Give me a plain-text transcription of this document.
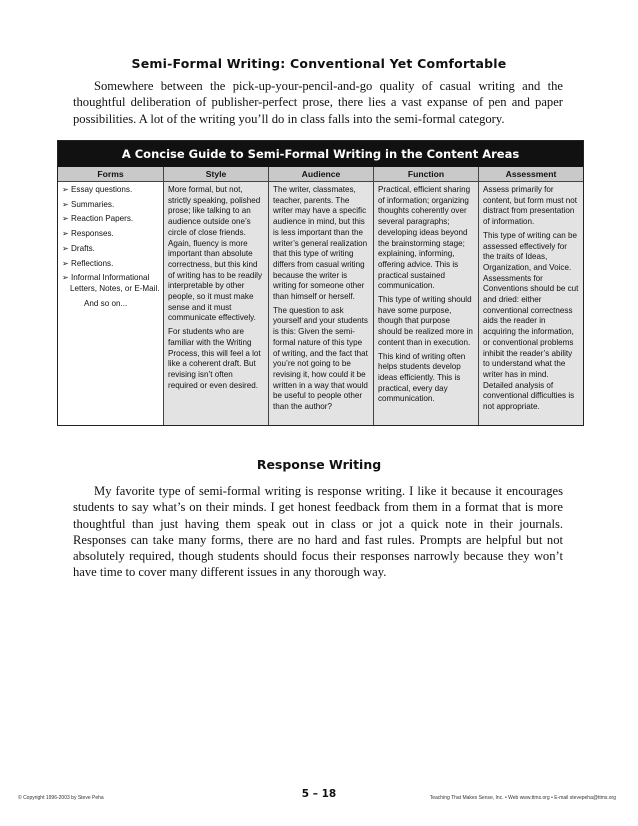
Semi-Formal Writing: Conventional Yet Comfortable

Somewhere between the pick-up-your-pencil-and-go quality of casual writing and the thoughtful deliberation of publisher-perfect prose, there lies a vast expanse of pen and paper possibilities. A lot of the writing you’ll do in class falls into the semi-formal category.

A Concise Guide to Semi-Formal Writing in the Content Areas
Forms
➢ Essay questions.
➢ Summaries.
➢ Reaction Papers.
➢ Responses.
➢ Drafts.
➢ Reflections.
➢ Informal Informational Letters, Notes, or E-Mail.
And so on...
Style

More formal, but not, strictly speaking, polished prose; like talking to an audience outside one’s circle of close friends. Again, fluency is more important than absolute correctness, but this kind of writing has to be readily interpretable by other people, so it must make sense and it must communicate effectively.

For students who are familiar with the Writing Process, this will feel a lot like a coherent draft. But revising isn’t often required or even desired.

Audience

The writer, classmates, teacher, parents. The writer may have a specific audience in mind, but this is less important than the writer’s general realization that this type of writing differs from casual writing because the writer is writing for someone other than himself or herself.

The question to ask yourself and your students is this: Given the semi-formal nature of this type of writing, and the fact that you’re not going to be revising it, how could it be written in a way that would be useful to people other than the author?

Function

Practical, efficient sharing of information; organizing thoughts coherently over several paragraphs; developing ideas beyond the brainstorming stage; explaining, informing, offering advice. This is practical sustained communication.

This type of writing should have some purpose, though that purpose should be realized more in content than in execution.

This kind of writing often helps students develop ideas efficiently. This is practical, every day communication.

Assessment

Assess primarily for content, but form must not distract from presentation of information.

This type of writing can be assessed effectively for the traits of Ideas, Organization, and Voice. Assessments for Conventions should be cut and dried: either conventional correctness aids the reader in acquiring the information, or conventional problems inhibit the reader’s ability to understand what the writer has in mind. Detailed analysis of conventional difficulties is not appropriate.

Response Writing

My favorite type of semi-formal writing is response writing. I like it because it encourages students to say what’s on their minds. I get honest feedback from them in a format that is more thoughtful than just having them speak out in class or jot a quick note in their journals. Responses can take many forms, there are no hard and fast rules. Prompts are helpful but not absolutely required, though students should focus their responses narrowly because they won’t have time to cover many different issues in any thorough way.

© Copyright 1996-2003 by Steve Peha	5 – 18	Teaching That Makes Sense, Inc. • Web www.ttms.org • E-mail stevepeha@ttms.org
